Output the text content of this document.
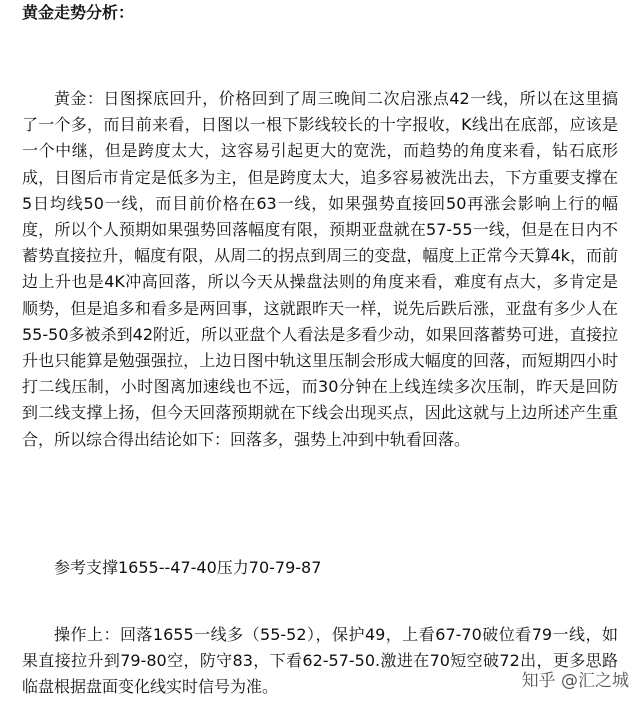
黄金走势分析：

黄金：日图探底回升，价格回到了周三晚间二次启涨点42一线，所以在这里搞了一个多，而目前来看，日图以一根下影线较长的十字报收，K线出在底部，应该是一个中继，但是跨度太大，这容易引起更大的宽洗，而趋势的角度来看，钻石底形成，日图后市肯定是低多为主，但是跨度太大，追多容易被洗出去，下方重要支撑在5日均线50一线，而目前价格在63一线，如果强势直接回50再涨会影响上行的幅度，所以个人预期如果强势回落幅度有限，预期亚盘就在57-55一线，但是在日内不蓄势直接拉升，幅度有限，从周二的拐点到周三的变盘，幅度上正常今天算4k，而前边上升也是4K冲高回落，所以今天从操盘法则的角度来看，难度有点大，多肯定是顺势，但是追多和看多是两回事，这就跟昨天一样，说先后跌后涨，亚盘有多少人在55-50多被杀到42附近，所以亚盘个人看法是多看少动，如果回落蓄势可进，直接拉升也只能算是勉强强拉，上边日图中轨这里压制会形成大幅度的回落，而短期四小时打二线压制，小时图离加速线也不远，而30分钟在上线连续多次压制，昨天是回防到二线支撑上扬，但今天回落预期就在下线会出现买点，因此这就与上边所述产生重合，所以综合得出结论如下：回落多，强势上冲到中轨看回落。

参考支撑1655--47-40压力70-79-87

操作上：回落1655一线多（55-52），保护49，上看67-70破位看79一线，如果直接拉升到79-80空，防守83，下看62-57-50.激进在70短空破72出，更多思路临盘根据盘面变化线实时信号为准。	知乎 @汇之城
